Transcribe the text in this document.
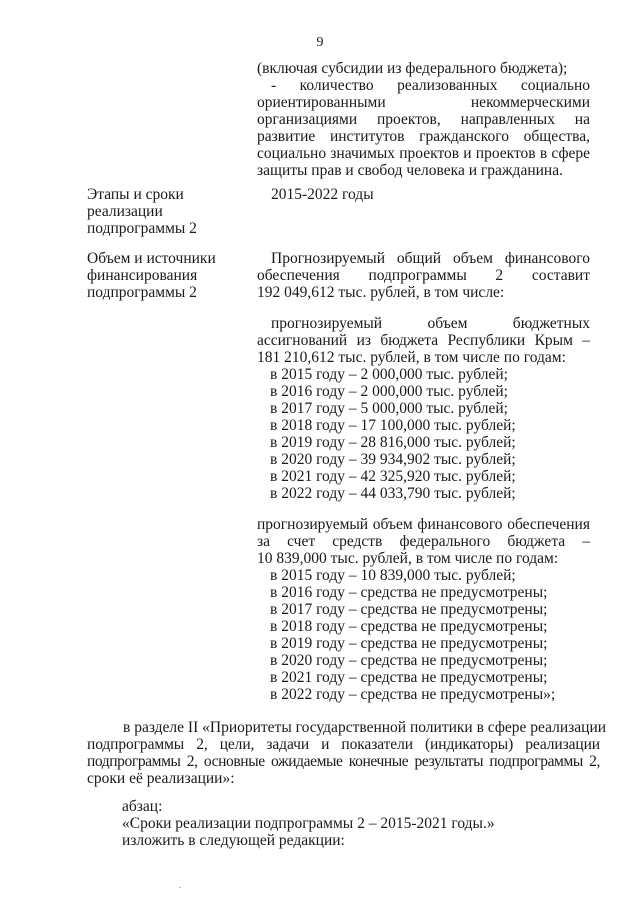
9
(включая субсидии из федерального бюджета);
- количество реализованных социально
ориентированными некоммерческими
организациями проектов, направленных на
развитие институтов гражданского общества,
социально значимых проектов и проектов в сфере
защиты прав и свобод человека и гражданина.
Этапы и сроки
реализации
подпрограммы 2
2015-2022 годы
Объем и источники
финансирования
подпрограммы 2
Прогнозируемый общий объем финансового
обеспечения подпрограммы 2 составит
192 049,612 тыс. рублей, в том числе:
прогнозируемый объем бюджетных
ассигнований из бюджета Республики Крым –
181 210,612 тыс. рублей, в том числе по годам:
в 2015 году – 2 000,000 тыс. рублей;
в 2016 году – 2 000,000 тыс. рублей;
в 2017 году – 5 000,000 тыс. рублей;
в 2018 году – 17 100,000 тыс. рублей;
в 2019 году – 28 816,000 тыс. рублей;
в 2020 году – 39 934,902 тыс. рублей;
в 2021 году – 42 325,920 тыс. рублей;
в 2022 году – 44 033,790 тыс. рублей;
прогнозируемый объем финансового обеспечения
за счет средств федерального бюджета –
10 839,000 тыс. рублей, в том числе по годам:
в 2015 году – 10 839,000 тыс. рублей;
в 2016 году – средства не предусмотрены;
в 2017 году – средства не предусмотрены;
в 2018 году – средства не предусмотрены;
в 2019 году – средства не предусмотрены;
в 2020 году – средства не предусмотрены;
в 2021 году – средства не предусмотрены;
в 2022 году – средства не предусмотрены»;
в разделе II «Приоритеты государственной политики в сфере реализации
подпрограммы 2, цели, задачи и показатели (индикаторы) реализации
подпрограммы 2, основные ожидаемые конечные результаты подпрограммы 2,
сроки её реализации»:
абзац:
«Сроки реализации подпрограммы 2 – 2015-2021 годы.»
изложить в следующей редакции:
·
